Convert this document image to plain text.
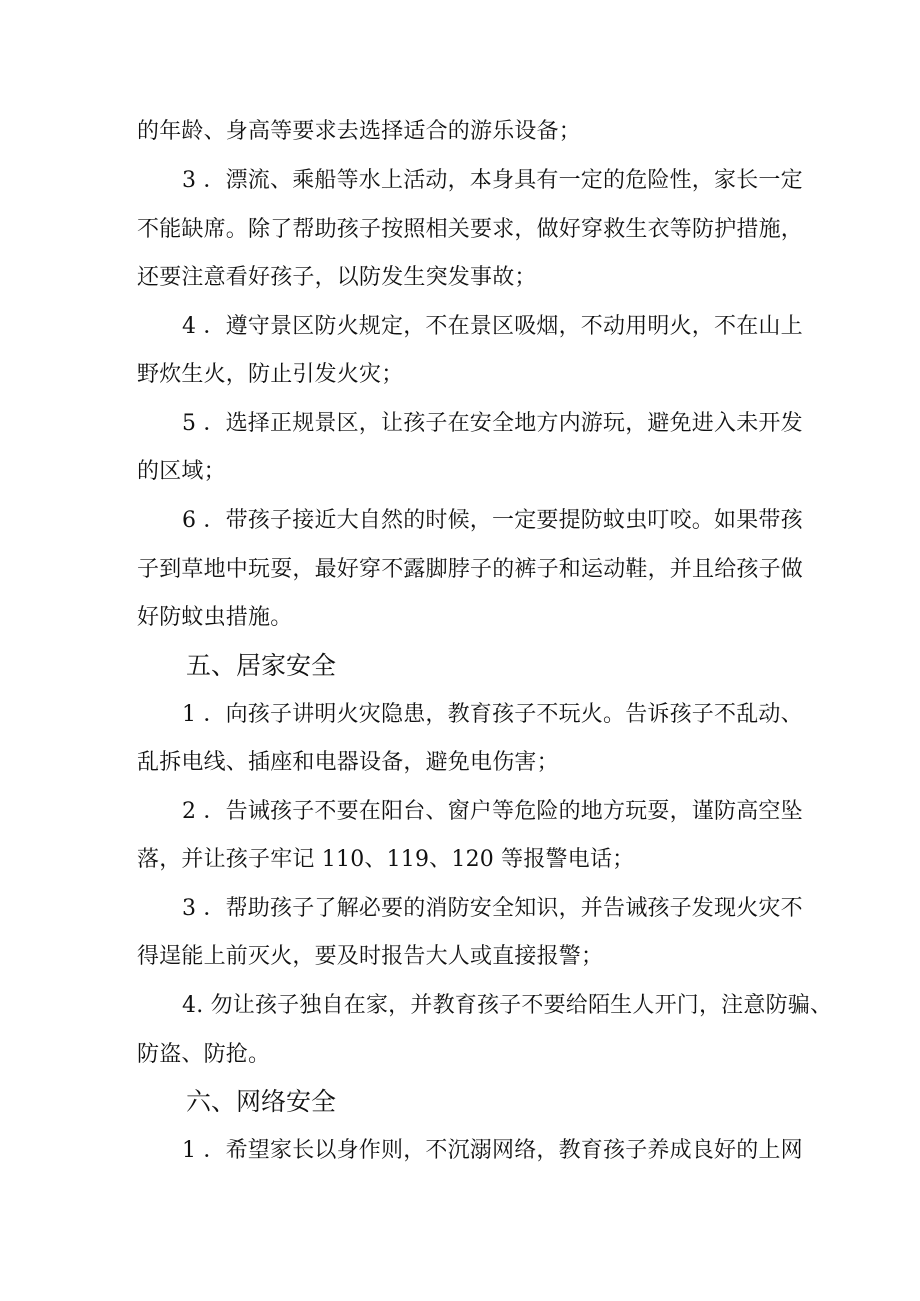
的年龄、身高等要求去选择适合的游乐设备；
3 ．漂流、乘船等水上活动，本身具有一定的危险性，家长一定
不能缺席。除了帮助孩子按照相关要求，做好穿救生衣等防护措施，
还要注意看好孩子，以防发生突发事故；
4 ．遵守景区防火规定，不在景区吸烟，不动用明火，不在山上
野炊生火，防止引发火灾；
5 ．选择正规景区，让孩子在安全地方内游玩，避免进入未开发
的区域；
6 ．带孩子接近大自然的时候，一定要提防蚊虫叮咬。如果带孩
子到草地中玩耍，最好穿不露脚脖子的裤子和运动鞋，并且给孩子做
好防蚊虫措施。
五、居家安全
1 ．向孩子讲明火灾隐患，教育孩子不玩火。告诉孩子不乱动、
乱拆电线、插座和电器设备，避免电伤害；
2 ．告诫孩子不要在阳台、窗户等危险的地方玩耍，谨防高空坠
落，并让孩子牢记 110、119、120 等报警电话；
3 ．帮助孩子了解必要的消防安全知识，并告诫孩子发现火灾不
得逞能上前灭火，要及时报告大人或直接报警；
4. 勿让孩子独自在家，并教育孩子不要给陌生人开门，注意防骗、
防盗、防抢。
六、网络安全
1 ．希望家长以身作则，不沉溺网络，教育孩子养成良好的上网
